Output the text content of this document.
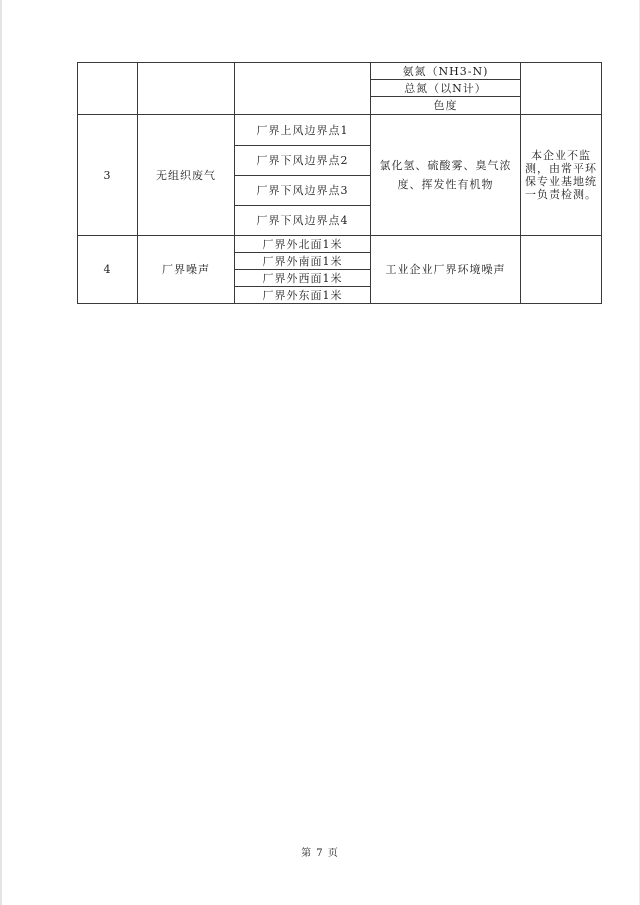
			氨氮（NH3-N)	
			总氮（以N计）	
			色度	
3	无组织废气	厂界上风边界点1	氯化氢、硫酸雾、臭气浓度、挥发性有机物	本企业不监测，由常平环保专业基地统一负责检测。
		厂界下风边界点2		
		厂界下风边界点3		
		厂界下风边界点4		
4	厂界噪声	厂界外北面1米	工业企业厂界环境噪声	
		厂界外南面1米		
		厂界外西面1米		
		厂界外东面1米		
第 7 页
